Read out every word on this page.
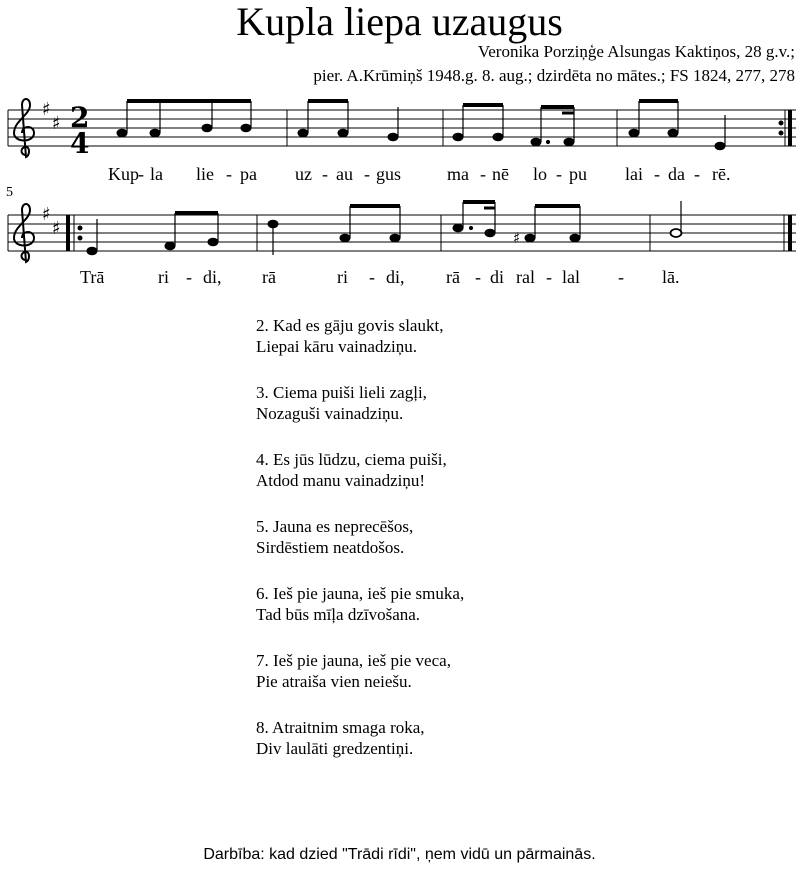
Kupla liepa uzaugus
Veronika Porziņģe Alsungas Kaktiņos, 28 g.v.;
pier. A.Krūmiņš 1948.g. 8. aug.; dzirdēta no mātes.; FS 1824, 277, 278
♯
♯ 2
4
Kup - la lie - pa uz - au - gus	ma - nē lo - pu lai - da - rē.
5
♯
♯	♯
Trā	ri - di, rā	ri - di, rā - di ral - lal - lā.

2. Kad es gāju govis slaukt,

Liepai kāru vainadziņu.

3. Ciema puiši lieli zagļi,

Nozaguši vainadziņu.

4. Es jūs lūdzu, ciema puiši,

Atdod manu vainadziņu!

5. Jauna es neprecēšos,

Sirdēstiem neatdošos.

6. Ieš pie jauna, ieš pie smuka,

Tad būs mīļa dzīvošana.

7. Ieš pie jauna, ieš pie veca,

Pie atraiša vien neiešu.

8. Atraitnim smaga roka,

Div laulāti gredzentiņi.

Darbība: kad dzied "Trādi rīdi", ņem vidū un pārmainās.
